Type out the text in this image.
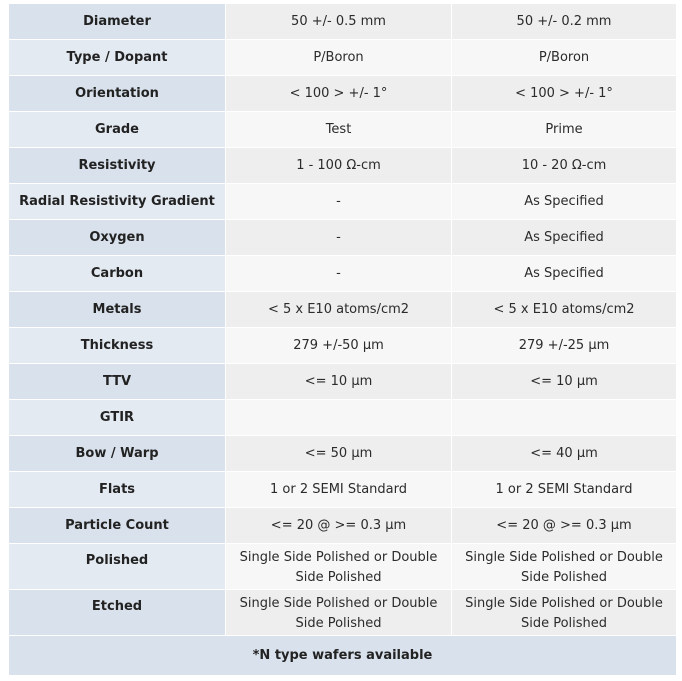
Diameter	50 +/- 0.5 mm	50 +/- 0.2 mm
Type / Dopant	P/Boron	P/Boron
Orientation	< 100 > +/- 1°	< 100 > +/- 1°
Grade	Test	Prime
Resistivity	1 - 100 Ω-cm	10 - 20 Ω-cm
Radial Resistivity Gradient	-	As Specified
Oxygen	-	As Specified
Carbon	-	As Specified
Metals	< 5 x E10 atoms/cm2	< 5 x E10 atoms/cm2
Thickness	279 +/-50 µm	279 +/-25 µm
TTV	<= 10 µm	<= 10 µm
GTIR		
Bow / Warp	<= 50 µm	<= 40 µm
Flats	1 or 2 SEMI Standard	1 or 2 SEMI Standard
Particle Count	<= 20 @ >= 0.3 µm	<= 20 @ >= 0.3 µm
Polished	Single Side Polished or Double Side Polished	Single Side Polished or Double Side Polished
Etched	Single Side Polished or Double Side Polished	Single Side Polished or Double Side Polished
*N type wafers available		
